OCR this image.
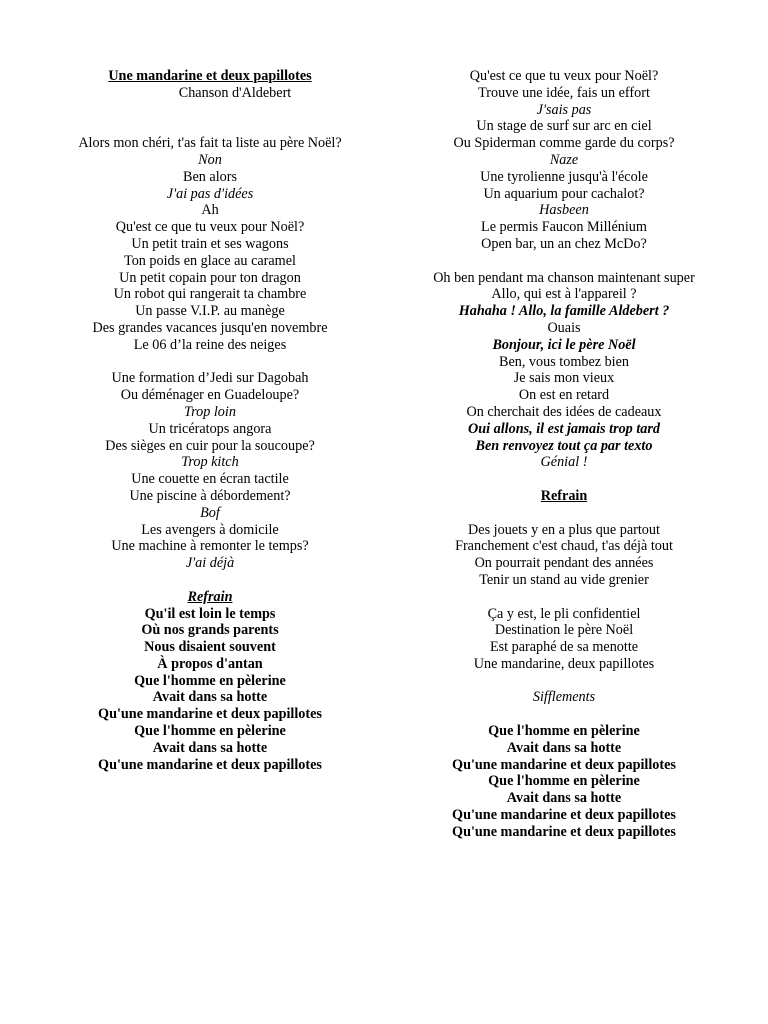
Une mandarine et deux papillotes
Chanson d'Aldebert
Alors mon chéri, t'as fait ta liste au père Noël?
Non
Ben alors
J'ai pas d'idées
Ah
Qu'est ce que tu veux pour Noël?
Un petit train et ses wagons
Ton poids en glace au caramel
Un petit copain pour ton dragon
Un robot qui rangerait ta chambre
Un passe V.I.P. au manège
Des grandes vacances jusqu'en novembre
Le 06 d’la reine des neiges
Une formation d’Jedi sur Dagobah
Ou déménager en Guadeloupe?
Trop loin
Un tricératops angora
Des sièges en cuir pour la soucoupe?
Trop kitch
Une couette en écran tactile
Une piscine à débordement?
Bof
Les avengers à domicile
Une machine à remonter le temps?
J'ai déjà
Refrain
Qu'il est loin le temps
Où nos grands parents
Nous disaient souvent
À propos d'antan
Que l'homme en pèlerine
Avait dans sa hotte
Qu'une mandarine et deux papillotes
Que l'homme en pèlerine
Avait dans sa hotte
Qu'une mandarine et deux papillotes
Qu'est ce que tu veux pour Noël?
Trouve une idée, fais un effort
J'sais pas
Un stage de surf sur arc en ciel
Ou Spiderman comme garde du corps?
Naze
Une tyrolienne jusqu'à l'école
Un aquarium pour cachalot?
Hasbeen
Le permis Faucon Millénium
Open bar, un an chez McDo?
Oh ben pendant ma chanson maintenant super
Allo, qui est à l'appareil ?
Hahaha ! Allo, la famille Aldebert ?
Ouais
Bonjour, ici le père Noël
Ben, vous tombez bien
Je sais mon vieux
On est en retard
On cherchait des idées de cadeaux
Oui allons, il est jamais trop tard
Ben renvoyez tout ça par texto
Génial !
Refrain
Des jouets y en a plus que partout
Franchement c'est chaud, t'as déjà tout
On pourrait pendant des années
Tenir un stand au vide grenier
Ça y est, le pli confidentiel
Destination le père Noël
Est paraphé de sa menotte
Une mandarine, deux papillotes
Sifflements
Que l'homme en pèlerine
Avait dans sa hotte
Qu'une mandarine et deux papillotes
Que l'homme en pèlerine
Avait dans sa hotte
Qu'une mandarine et deux papillotes
Qu'une mandarine et deux papillotes
